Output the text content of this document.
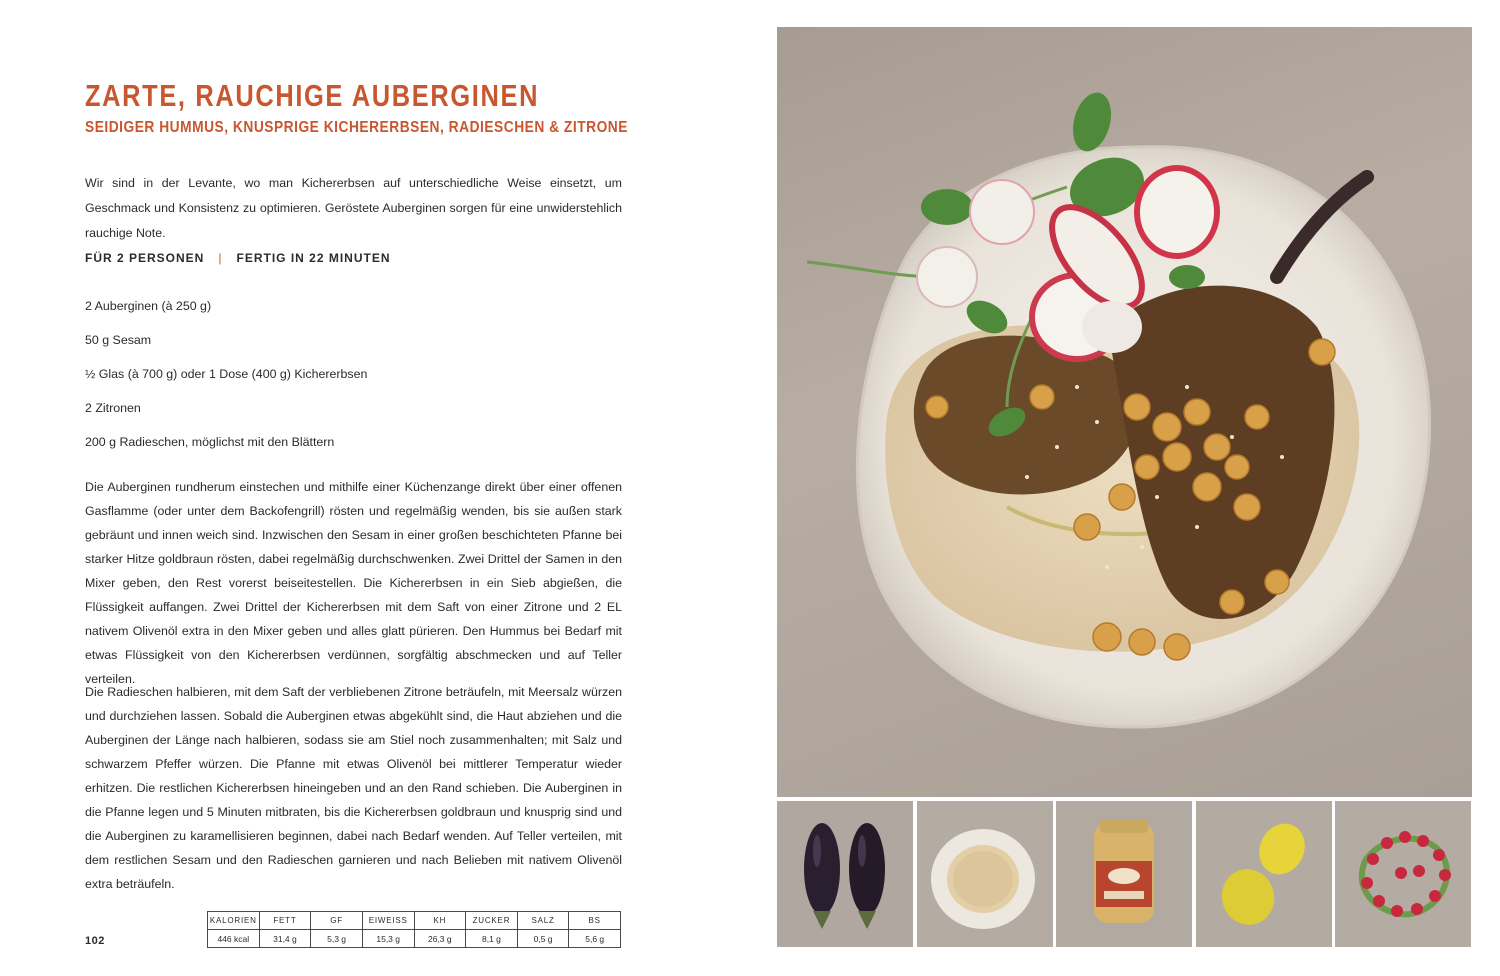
ZARTE, RAUCHIGE AUBERGINEN
SEIDIGER HUMMUS, KNUSPRIGE KICHERERBSEN, RADIESCHEN & ZITRONE

Wir sind in der Levante, wo man Kichererbsen auf unterschiedliche Weise einsetzt, um Geschmack und Konsistenz zu optimieren. Geröstete Auberginen sorgen für eine unwiderstehlich rauchige Note.

FÜR 2 PERSONEN | FERTIG IN 22 MINUTEN
2 Auberginen (à 250 g)
50 g Sesam
½ Glas (à 700 g) oder 1 Dose (400 g) Kichererbsen
2 Zitronen
200 g Radieschen, möglichst mit den Blättern

Die Auberginen rundherum einstechen und mithilfe einer Küchenzange direkt über einer offenen Gasflamme (oder unter dem Backofengrill) rösten und regelmäßig wenden, bis sie außen stark gebräunt und innen weich sind. Inzwischen den Sesam in einer großen beschichteten Pfanne bei starker Hitze goldbraun rösten, dabei regelmäßig durchschwenken. Zwei Drittel der Samen in den Mixer geben, den Rest vorerst beiseitestellen. Die Kichererbsen in ein Sieb abgießen, die Flüssigkeit auffangen. Zwei Drittel der Kichererbsen mit dem Saft von einer Zitrone und 2 EL nativem Olivenöl extra in den Mixer geben und alles glatt pürieren. Den Hummus bei Bedarf mit etwas Flüssigkeit von den Kichererbsen verdünnen, sorgfältig abschmecken und auf Teller verteilen.

Die Radieschen halbieren, mit dem Saft der verbliebenen Zitrone beträufeln, mit Meersalz würzen und durchziehen lassen. Sobald die Auberginen etwas abgekühlt sind, die Haut abziehen und die Auberginen der Länge nach halbieren, sodass sie am Stiel noch zusammenhalten; mit Salz und schwarzem Pfeffer würzen. Die Pfanne mit etwas Olivenöl bei mittlerer Temperatur wieder erhitzen. Die restlichen Kichererbsen hineingeben und an den Rand schieben. Die Auberginen in die Pfanne legen und 5 Minuten mitbraten, bis die Kichererbsen goldbraun und knusprig sind und die Auberginen zu karamellisieren beginnen, dabei nach Bedarf wenden. Auf Teller verteilen, mit dem restlichen Sesam und den Radieschen garnieren und nach Belieben mit nativem Olivenöl extra beträufeln.

102
KALORIEN	FETT	GF	EIWEISS	KH	ZUCKER	SALZ	BS
446 kcal	31,4 g	5,3 g	15,3 g	26,3 g	8,1 g	0,5 g	5,6 g
